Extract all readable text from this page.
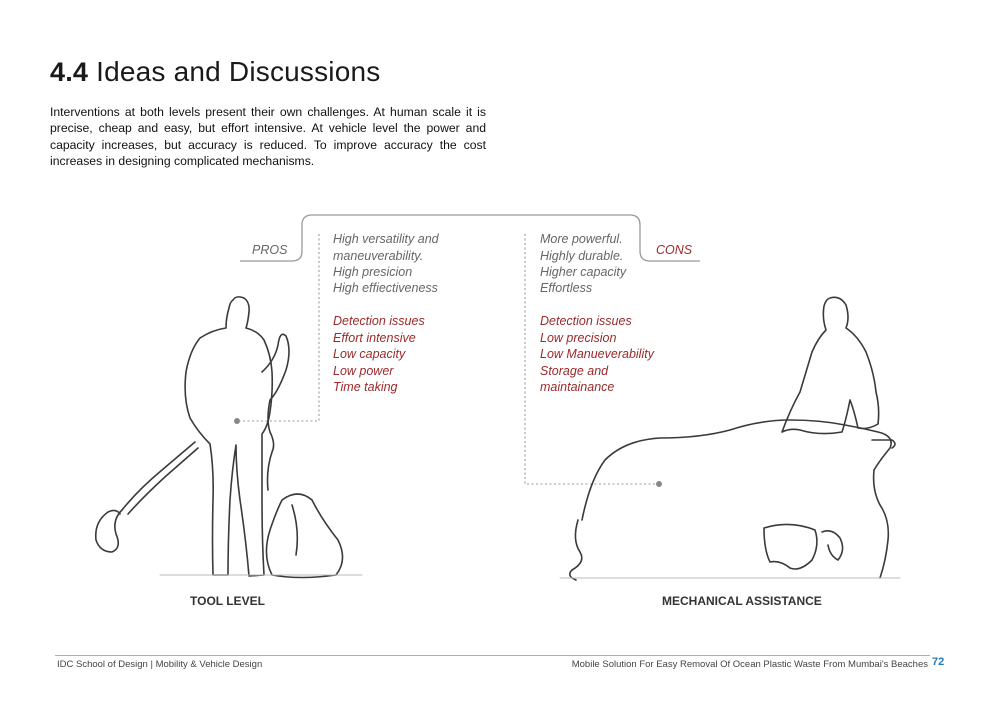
4.4 Ideas and Discussions

Interventions at both levels present their own challenges. At human scale it is precise, cheap and easy, but effort intensive. At vehicle level the power and capacity increases, but accuracy is reduced. To improve accuracy the cost increases in designing complicated mechanisms.

PROS	CONS
High versatility and
maneuverability.
High presicion
High effiectiveness
Detection issues
Effort intensive
Low capacity
Low power
Time taking
More powerful.
Highly durable.
Higher capacity
Effortless
Detection issues
Low precision
Low Manueverability
Storage and
maintainance
TOOL LEVEL	MECHANICAL ASSISTANCE
IDC School of Design | Mobility & Vehicle Design	Mobile Solution For Easy Removal Of Ocean Plastic Waste From Mumbai's Beaches 72
